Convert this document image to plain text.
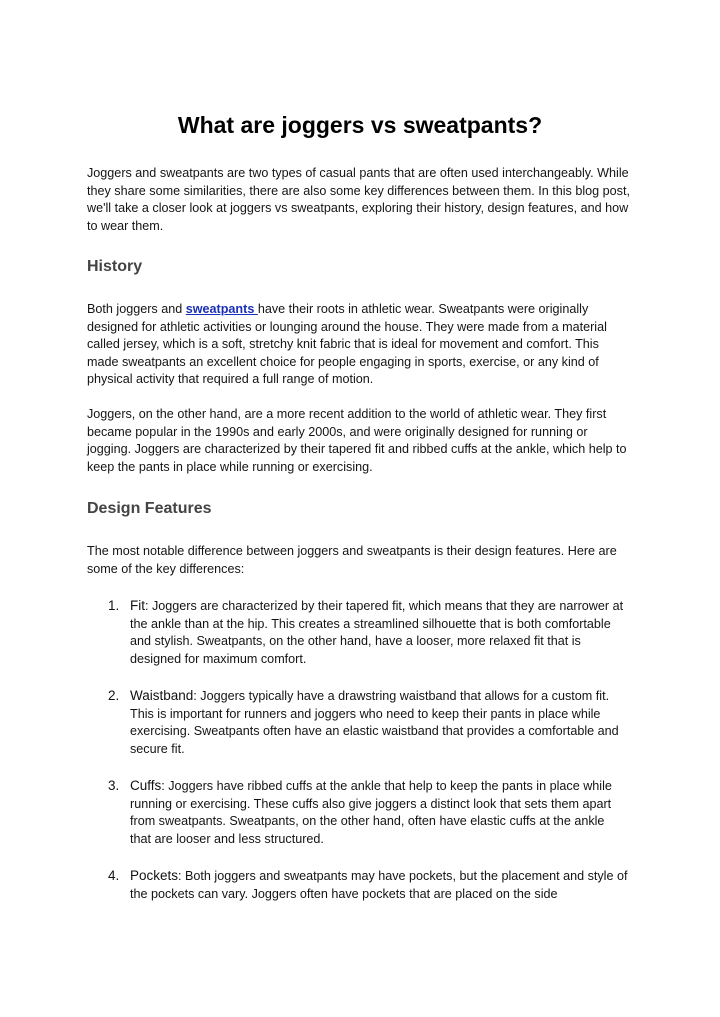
What are joggers vs sweatpants?

Joggers and sweatpants are two types of casual pants that are often used interchangeably. While they share some similarities, there are also some key differences between them. In this blog post, we'll take a closer look at joggers vs sweatpants, exploring their history, design features, and how to wear them.

History

Both joggers and sweatpants have their roots in athletic wear. Sweatpants were originally designed for athletic activities or lounging around the house. They were made from a material called jersey, which is a soft, stretchy knit fabric that is ideal for movement and comfort. This made sweatpants an excellent choice for people engaging in sports, exercise, or any kind of physical activity that required a full range of motion.

Joggers, on the other hand, are a more recent addition to the world of athletic wear. They first became popular in the 1990s and early 2000s, and were originally designed for running or jogging. Joggers are characterized by their tapered fit and ribbed cuffs at the ankle, which help to keep the pants in place while running or exercising.

Design Features

The most notable difference between joggers and sweatpants is their design features. Here are some of the key differences:

1. Fit: Joggers are characterized by their tapered fit, which means that they are narrower at the ankle than at the hip. This creates a streamlined silhouette that is both comfortable and stylish. Sweatpants, on the other hand, have a looser, more relaxed fit that is designed for maximum comfort.

2. Waistband: Joggers typically have a drawstring waistband that allows for a custom fit. This is important for runners and joggers who need to keep their pants in place while exercising. Sweatpants often have an elastic waistband that provides a comfortable and secure fit.

3. Cuffs: Joggers have ribbed cuffs at the ankle that help to keep the pants in place while running or exercising. These cuffs also give joggers a distinct look that sets them apart from sweatpants. Sweatpants, on the other hand, often have elastic cuffs at the ankle that are looser and less structured.

4. Pockets: Both joggers and sweatpants may have pockets, but the placement and style of the pockets can vary. Joggers often have pockets that are placed on the side
